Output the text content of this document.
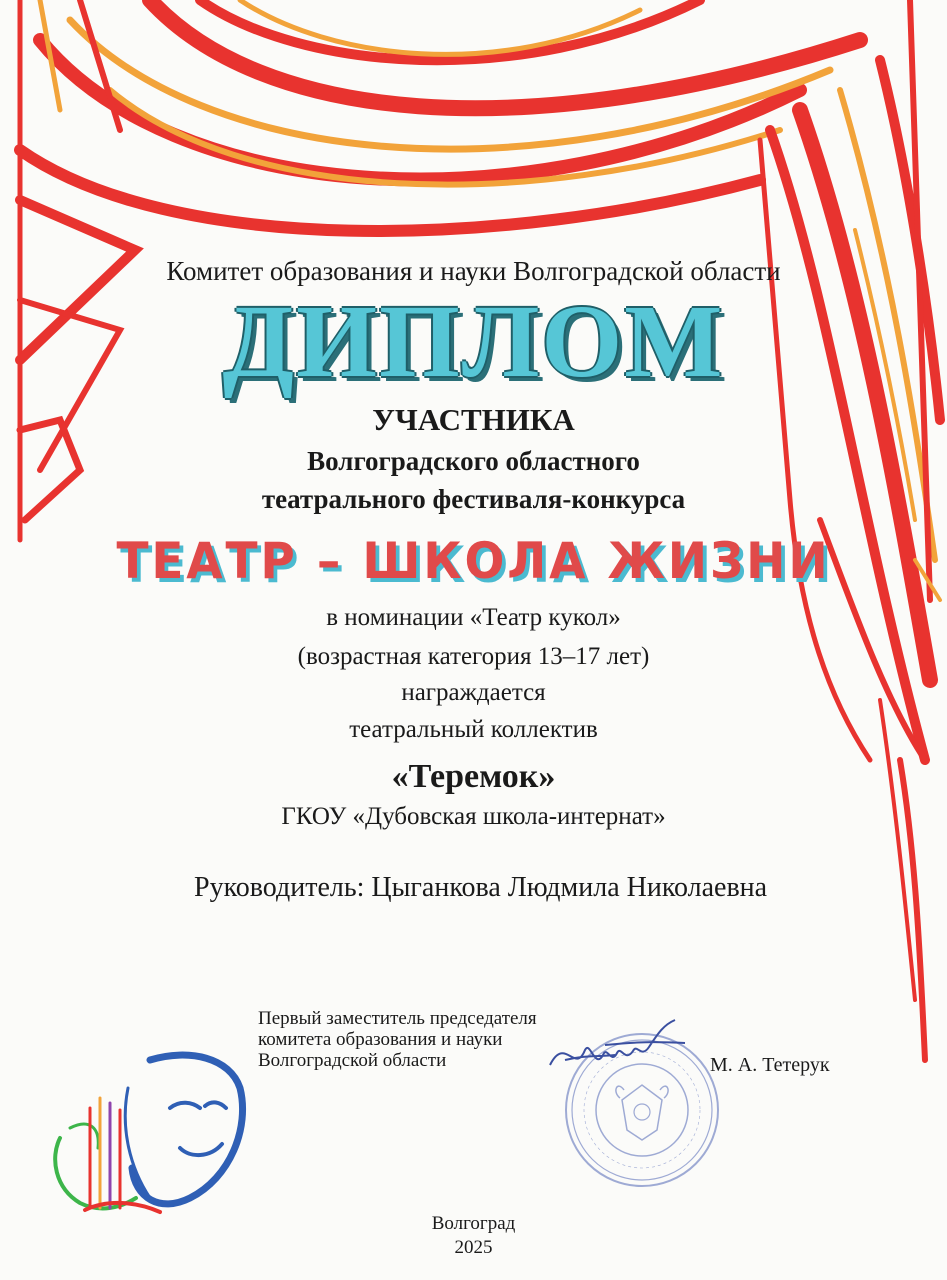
Комитет образования и науки Волгоградской области
ДИПЛОМ
УЧАСТНИКА
Волгоградского областного
театрального фестиваля-конкурса
ТЕАТР – ШКОЛА ЖИЗНИ
в номинации «Театр кукол»
(возрастная категория 13–17 лет)
награждается
театральный коллектив
«Теремок»
ГКОУ «Дубовская школа-интернат»
Руководитель: Цыганкова Людмила Николаевна
Первый заместитель председателя
комитета образования и науки
Волгоградской области	М. А. Тетерук
Волгоград
2025
